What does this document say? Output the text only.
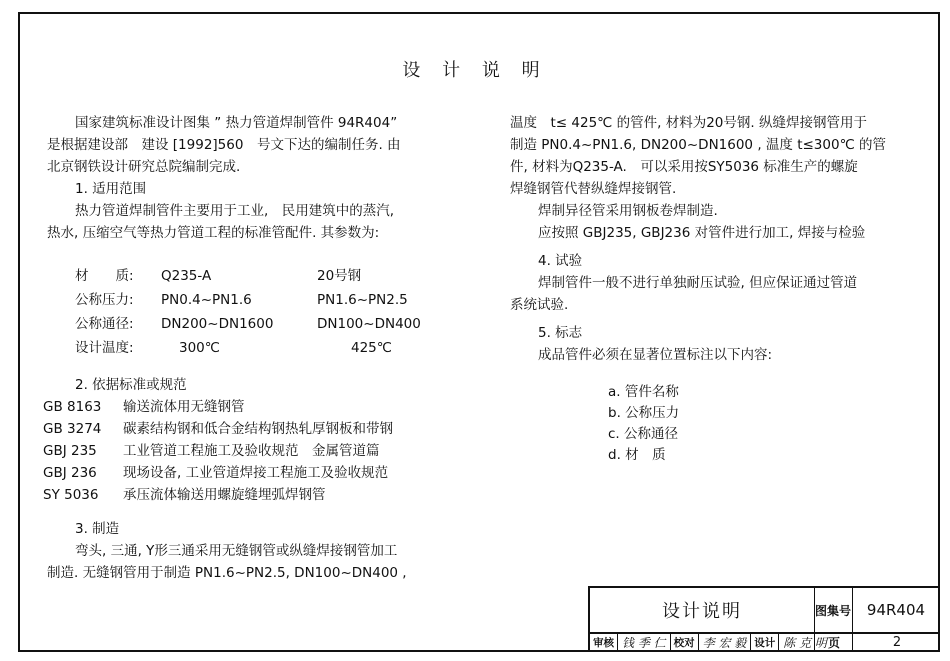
设 计 说 明

国家建筑标准设计图集 ” 热力管道焊制管件 94R404”

是根据建设部　建设 [1992]560　号文下达的编制任务. 由

北京钢铁设计研究总院编制完成.

1. 适用范围

热力管道焊制管件主要用于工业,　民用建筑中的蒸汽,

热水, 压缩空气等热力管道工程的标准管配件. 其参数为:

材　　质:	Q235-A	20号钢
公称压力:	PN0.4~PN1.6	PN1.6~PN2.5
公称通径:	DN200~DN1600	DN100~DN400
设计温度:	300℃	425℃

2. 依据标准或规范

GB 8163	输送流体用无缝钢管
GB 3274	碳素结构钢和低合金结构钢热轧厚钢板和带钢
GBJ 235	工业管道工程施工及验收规范　金属管道篇
GBJ 236	现场设备, 工业管道焊接工程施工及验收规范
SY 5036	承压流体输送用螺旋缝埋弧焊钢管

3. 制造

弯头, 三通, Y形三通采用无缝钢管或纵缝焊接钢管加工

制造. 无缝钢管用于制造 PN1.6~PN2.5, DN100~DN400 ,

温度　t≤ 425℃ 的管件, 材料为20号钢. 纵缝焊接钢管用于

制造 PN0.4~PN1.6, DN200~DN1600 , 温度 t≤300℃ 的管

件, 材料为Q235-A.　可以采用按SY5036 标准生产的螺旋

焊缝钢管代替纵缝焊接钢管.

焊制异径管采用钢板卷焊制造.

应按照 GBJ235, GBJ236 对管件进行加工, 焊接与检验

4. 试验

焊制管件一般不进行单独耐压试验, 但应保证通过管道

系统试验.

5. 标志

成品管件必须在显著位置标注以下内容:

a. 管件名称

b. 公称压力

c. 公称通径

d. 材　质

设计说明	图集号	94R404
审核 钱 季 仁 校对 李 宏 毅 设计 陈 克 明 页	2
